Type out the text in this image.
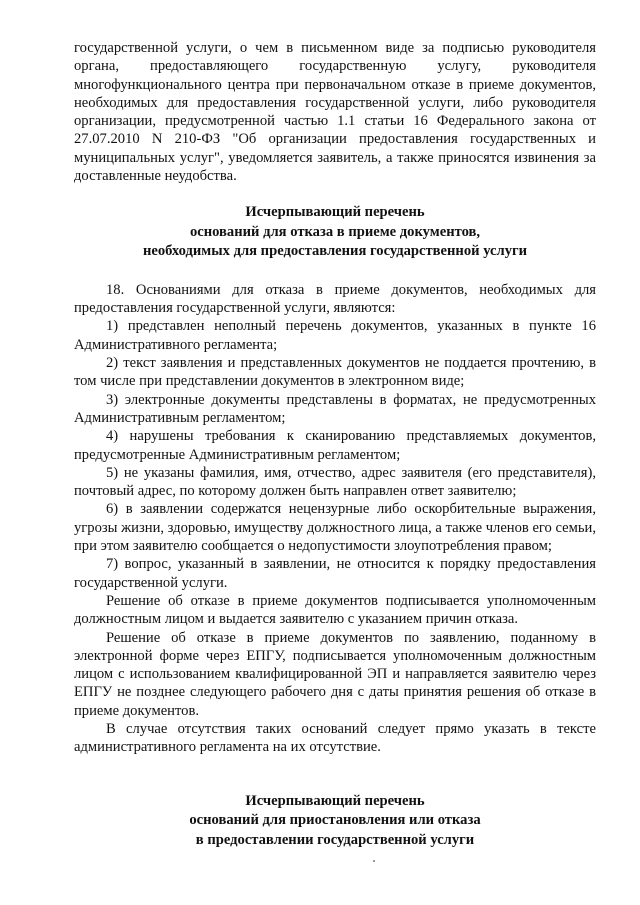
государственной услуги, о чем в письменном виде за подписью руководителя органа, предоставляющего государственную услугу, руководителя многофункционального центра при первоначальном отказе в приеме документов, необходимых для предоставления государственной услуги, либо руководителя организации, предусмотренной частью 1.1 статьи 16 Федерального закона от 27.07.2010 N 210-ФЗ "Об организации предоставления государственных и муниципальных услуг", уведомляется заявитель, а также приносятся извинения за доставленные неудобства.

Исчерпывающий перечень
оснований для отказа в приеме документов,
необходимых для предоставления государственной услуги

18. Основаниями для отказа в приеме документов, необходимых для предоставления государственной услуги, являются:

1) представлен неполный перечень документов, указанных в пункте 16 Административного регламента;

2) текст заявления и представленных документов не поддается прочтению, в том числе при представлении документов в электронном виде;

3) электронные документы представлены в форматах, не предусмотренных Административным регламентом;

4) нарушены требования к сканированию представляемых документов, предусмотренные Административным регламентом;

5) не указаны фамилия, имя, отчество, адрес заявителя (его представителя), почтовый адрес, по которому должен быть направлен ответ заявителю;

6) в заявлении содержатся нецензурные либо оскорбительные выражения, угрозы жизни, здоровью, имуществу должностного лица, а также членов его семьи, при этом заявителю сообщается о недопустимости злоупотребления правом;

7) вопрос, указанный в заявлении, не относится к порядку предоставления государственной услуги.

Решение об отказе в приеме документов подписывается уполномоченным должностным лицом и выдается заявителю с указанием причин отказа.

Решение об отказе в приеме документов по заявлению, поданному в электронной форме через ЕПГУ, подписывается уполномоченным должностным лицом с использованием квалифицированной ЭП и направляется заявителю через ЕПГУ не позднее следующего рабочего дня с даты принятия решения об отказе в приеме документов.

В случае отсутствия таких оснований следует прямо указать в тексте административного регламента на их отсутствие.

Исчерпывающий перечень
оснований для приостановления или отказа
в предоставлении государственной услуги
